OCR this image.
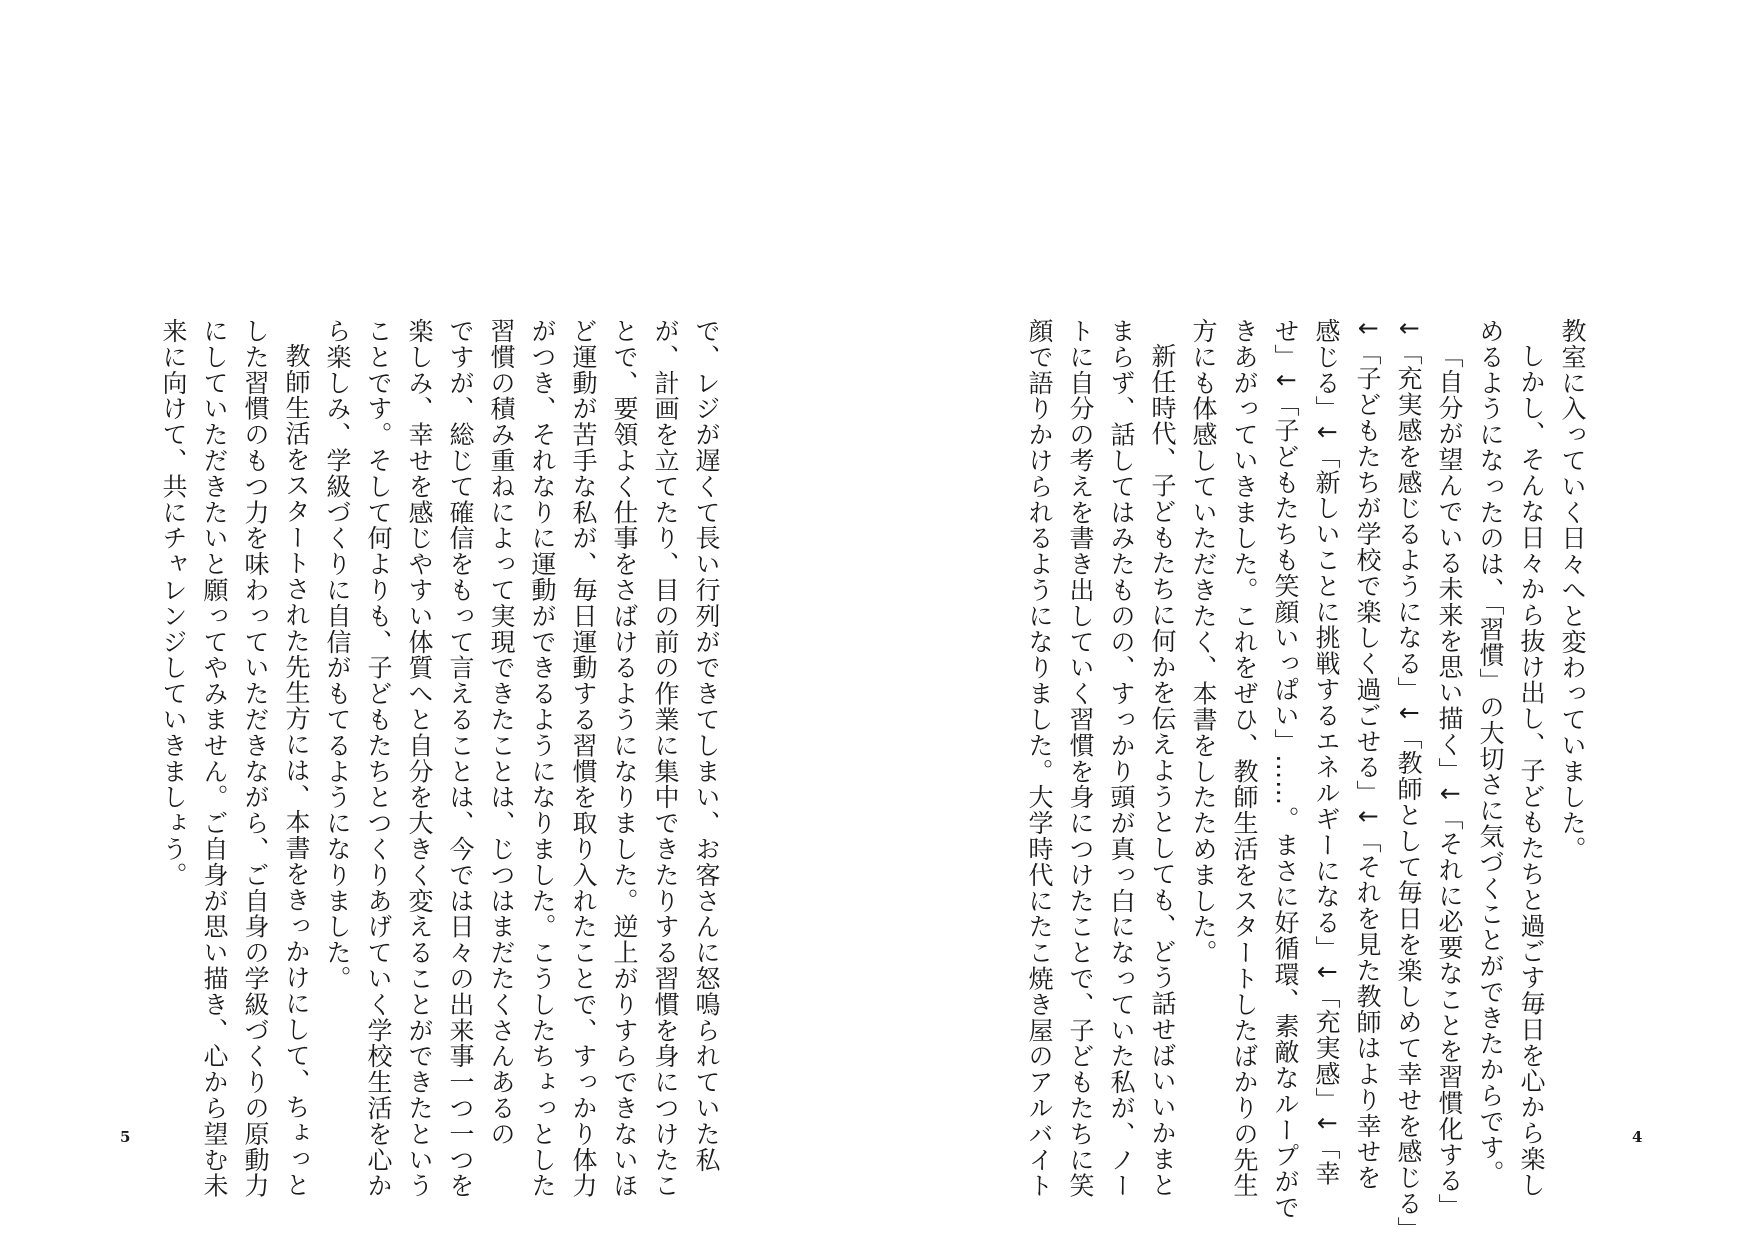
教室に入っていく日々へと変わっていました。

しかし、そんな日々から抜け出し、子どもたちと過ごす毎日を心から楽し

めるようになったのは、「習慣」の大切さに気づくことができたからです。

「自分が望んでいる未来を思い描く」↓「それに必要なことを習慣化する」

↓「充実感を感じるようになる」↓「教師として毎日を楽しめて幸せを感じる」

↓「子どもたちが学校で楽しく過ごせる」↓「それを見た教師はより幸せを

感じる」↓「新しいことに挑戦するエネルギーになる」↓「充実感」↓「幸

せ」↓「子どもたちも笑顔いっぱい」……。まさに好循環、素敵なループがで

きあがっていきました。これをぜひ、教師生活をスタートしたばかりの先生

方にも体感していただきたく、本書をしたためました。

新任時代、子どもたちに何かを伝えようとしても、どう話せばいいかまと

まらず、話してはみたものの、すっかり頭が真っ白になっていた私が、ノー

トに自分の考えを書き出していく習慣を身につけたことで、子どもたちに笑

顔で語りかけられるようになりました。大学時代にたこ焼き屋のアルバイト	4

で、レジが遅くて長い行列ができてしまい、お客さんに怒鳴られていた私

が、計画を立てたり、目の前の作業に集中できたりする習慣を身につけたこ

とで、要領よく仕事をさばけるようになりました。逆上がりすらできないほ

ど運動が苦手な私が、毎日運動する習慣を取り入れたことで、すっかり体力

がつき、それなりに運動ができるようになりました。こうしたちょっとした

習慣の積み重ねによって実現できたことは、じつはまだたくさんあるの

ですが、総じて確信をもって言えることは、今では日々の出来事一つ一つを

楽しみ、幸せを感じやすい体質へと自分を大きく変えることができたという

ことです。そして何よりも、子どもたちとつくりあげていく学校生活を心か

ら楽しみ、学級づくりに自信がもてるようになりました。

教師生活をスタートされた先生方には、本書をきっかけにして、ちょっと

した習慣のもつ力を味わっていただきながら、ご自身の学級づくりの原動力

にしていただきたいと願ってやみません。ご自身が思い描き、心から望む未

来に向けて、共にチャレンジしていきましょう。

5
